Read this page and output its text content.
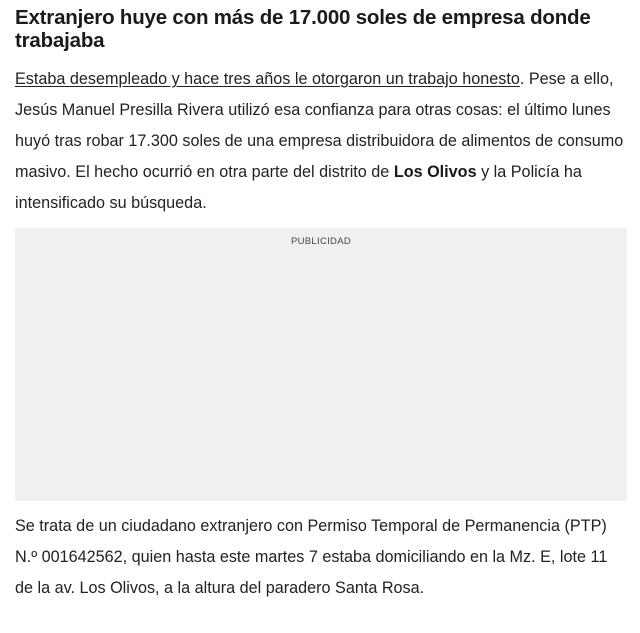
Extranjero huye con más de 17.000 soles de empresa donde trabajaba

Estaba desempleado y hace tres años le otorgaron un trabajo honesto. Pese a ello, Jesús Manuel Presilla Rivera utilizó esa confianza para otras cosas: el último lunes huyó tras robar 17.300 soles de una empresa distribuidora de alimentos de consumo masivo. El hecho ocurrió en otra parte del distrito de Los Olivos y la Policía ha intensificado su búsqueda.

PUBLICIDAD

Se trata de un ciudadano extranjero con Permiso Temporal de Permanencia (PTP) N.º 001642562, quien hasta este martes 7 estaba domiciliando en la Mz. E, lote 11 de la av. Los Olivos, a la altura del paradero Santa Rosa.
